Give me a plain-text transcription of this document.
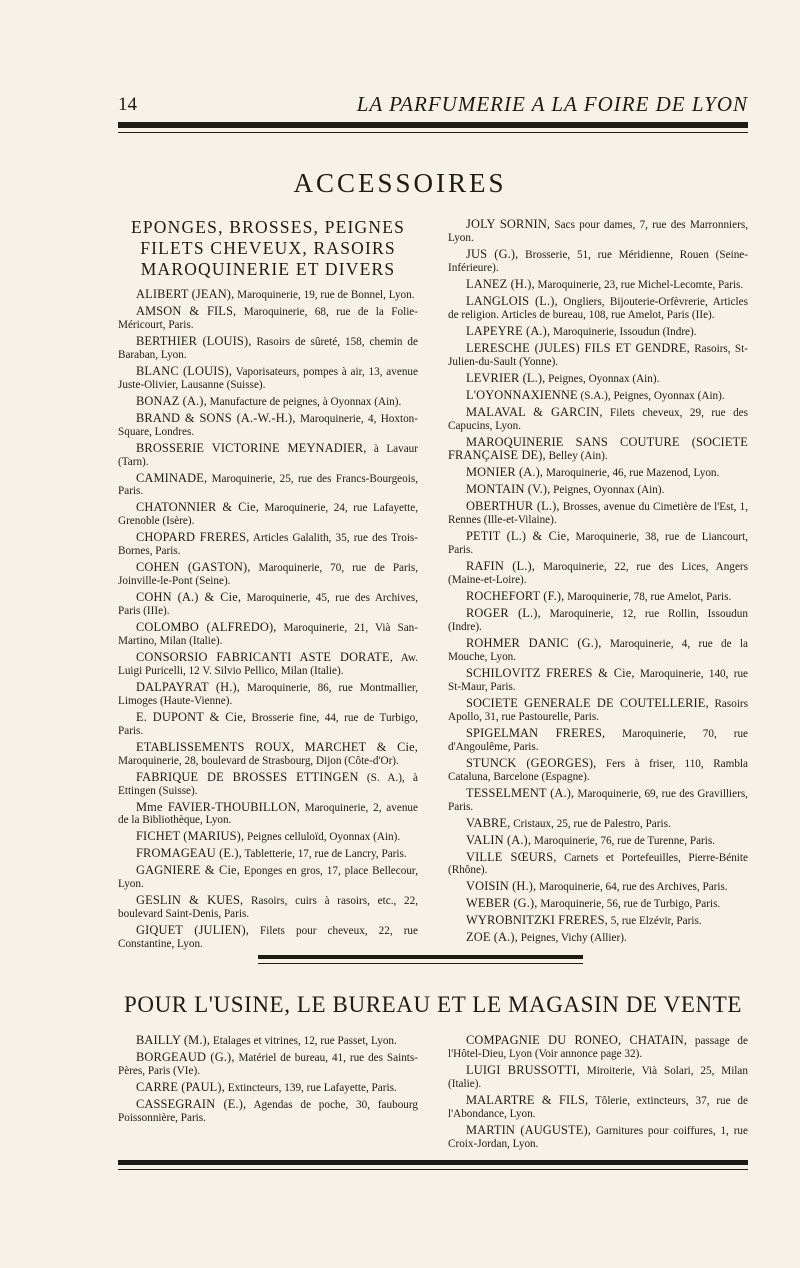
14	LA PARFUMERIE A LA FOIRE DE LYON
ACCESSOIRES
EPONGES, BROSSES, PEIGNES
FILETS CHEVEUX, RASOIRS
MAROQUINERIE ET DIVERS

ALIBERT (JEAN), Maroquinerie, 19, rue de Bonnel, Lyon.

AMSON & FILS, Maroquinerie, 68, rue de la Folie-Méricourt, Paris.

BERTHIER (LOUIS), Rasoirs de sûreté, 158, chemin de Baraban, Lyon.

BLANC (LOUIS), Vaporisateurs, pompes à air, 13, avenue Juste-Olivier, Lausanne (Suisse).

BONAZ (A.), Manufacture de peignes, à Oyonnax (Ain).

BRAND & SONS (A.-W.-H.), Maroquinerie, 4, Hoxton-Square, Londres.

BROSSERIE VICTORINE MEYNADIER, à Lavaur (Tarn).

CAMINADE, Maroquinerie, 25, rue des Francs-Bourgeois, Paris.

CHATONNIER & Cie, Maroquinerie, 24, rue Lafayette, Grenoble (Isère).

CHOPARD FRERES, Articles Galalith, 35, rue des Trois-Bornes, Paris.

COHEN (GASTON), Maroquinerie, 70, rue de Paris, Joinville-le-Pont (Seine).

COHN (A.) & Cie, Maroquinerie, 45, rue des Archives, Paris (IIIe).

COLOMBO (ALFREDO), Maroquinerie, 21, Vià San-Martino, Milan (Italie).

CONSORSIO FABRICANTI ASTE DORATE, Aw. Luigi Puricelli, 12 V. Silvio Pellico, Milan (Italie).

DALPAYRAT (H.), Maroquinerie, 86, rue Montmallier, Limoges (Haute-Vienne).

E. DUPONT & Cie, Brosserie fine, 44, rue de Turbigo, Paris.

ETABLISSEMENTS ROUX, MARCHET & Cie, Maroquinerie, 28, boulevard de Strasbourg, Dijon (Côte-d'Or).

FABRIQUE DE BROSSES ETTINGEN (S. A.), à Ettingen (Suisse).

Mme FAVIER-THOUBILLON, Maroquinerie, 2, avenue de la Bibliothèque, Lyon.

FICHET (MARIUS), Peignes celluloïd, Oyonnax (Ain).

FROMAGEAU (E.), Tabletterie, 17, rue de Lancry, Paris.

GAGNIERE & Cie, Eponges en gros, 17, place Bellecour, Lyon.

GESLIN & KUES, Rasoirs, cuirs à rasoirs, etc., 22, boulevard Saint-Denis, Paris.

GIQUET (JULIEN), Filets pour cheveux, 22, rue Constantine, Lyon.

JOLY SORNIN, Sacs pour dames, 7, rue des Marronniers, Lyon.

JUS (G.), Brosserie, 51, rue Méridienne, Rouen (Seine-Inférieure).

LANEZ (H.), Maroquinerie, 23, rue Michel-Lecomte, Paris.

LANGLOIS (L.), Ongliers, Bijouterie-Orfèvrerie, Articles de religion. Articles de bureau, 108, rue Amelot, Paris (IIe).

LAPEYRE (A.), Maroquinerie, Issoudun (Indre).

LERESCHE (JULES) FILS ET GENDRE, Rasoirs, St-Julien-du-Sault (Yonne).

LEVRIER (L.), Peignes, Oyonnax (Ain).

L'OYONNAXIENNE (S.A.), Peignes, Oyonnax (Ain).

MALAVAL & GARCIN, Filets cheveux, 29, rue des Capucins, Lyon.

MAROQUINERIE SANS COUTURE (SOCIETE FRANÇAISE DE), Belley (Ain).

MONIER (A.), Maroquinerie, 46, rue Mazenod, Lyon.

MONTAIN (V.), Peignes, Oyonnax (Ain).

OBERTHUR (L.), Brosses, avenue du Cimetière de l'Est, 1, Rennes (Ille-et-Vilaine).

PETIT (L.) & Cie, Maroquinerie, 38, rue de Liancourt, Paris.

RAFIN (L.), Maroquinerie, 22, rue des Lices, Angers (Maine-et-Loire).

ROCHEFORT (F.), Maroquinerie, 78, rue Amelot, Paris.

ROGER (L.), Maroquinerie, 12, rue Rollin, Issoudun (Indre).

ROHMER DANIC (G.), Maroquinerie, 4, rue de la Mouche, Lyon.

SCHILOVITZ FRERES & Cie, Maroquinerie, 140, rue St-Maur, Paris.

SOCIETE GENERALE DE COUTELLERIE, Rasoirs Apollo, 31, rue Pastourelle, Paris.

SPIGELMAN FRERES, Maroquinerie, 70, rue d'Angoulême, Paris.

STUNCK (GEORGES), Fers à friser, 110, Rambla Cataluna, Barcelone (Espagne).

TESSELMENT (A.), Maroquinerie, 69, rue des Gravilliers, Paris.

VABRE, Cristaux, 25, rue de Palestro, Paris.

VALIN (A.), Maroquinerie, 76, rue de Turenne, Paris.

VILLE SŒURS, Carnets et Portefeuilles, Pierre-Bénite (Rhône).

VOISIN (H.), Maroquinerie, 64, rue des Archives, Paris.

WEBER (G.), Maroquinerie, 56, rue de Turbigo, Paris.

WYROBNITZKI FRERES, 5, rue Elzévir, Paris.

ZOE (A.), Peignes, Vichy (Allier).

POUR L'USINE, LE BUREAU ET LE MAGASIN DE VENTE

BAILLY (M.), Etalages et vitrines, 12, rue Passet, Lyon.

BORGEAUD (G.), Matériel de bureau, 41, rue des Saints-Pères, Paris (VIe).

CARRE (PAUL), Extincteurs, 139, rue Lafayette, Paris.

CASSEGRAIN (E.), Agendas de poche, 30, faubourg Poissonnière, Paris.

COMPAGNIE DU RONEO, CHATAIN, passage de l'Hôtel-Dieu, Lyon (Voir annonce page 32).

LUIGI BRUSSOTTI, Miroiterie, Vià Solari, 25, Milan (Italie).

MALARTRE & FILS, Tôlerie, extincteurs, 37, rue de l'Abondance, Lyon.

MARTIN (AUGUSTE), Garnitures pour coiffures, 1, rue Croix-Jordan, Lyon.
